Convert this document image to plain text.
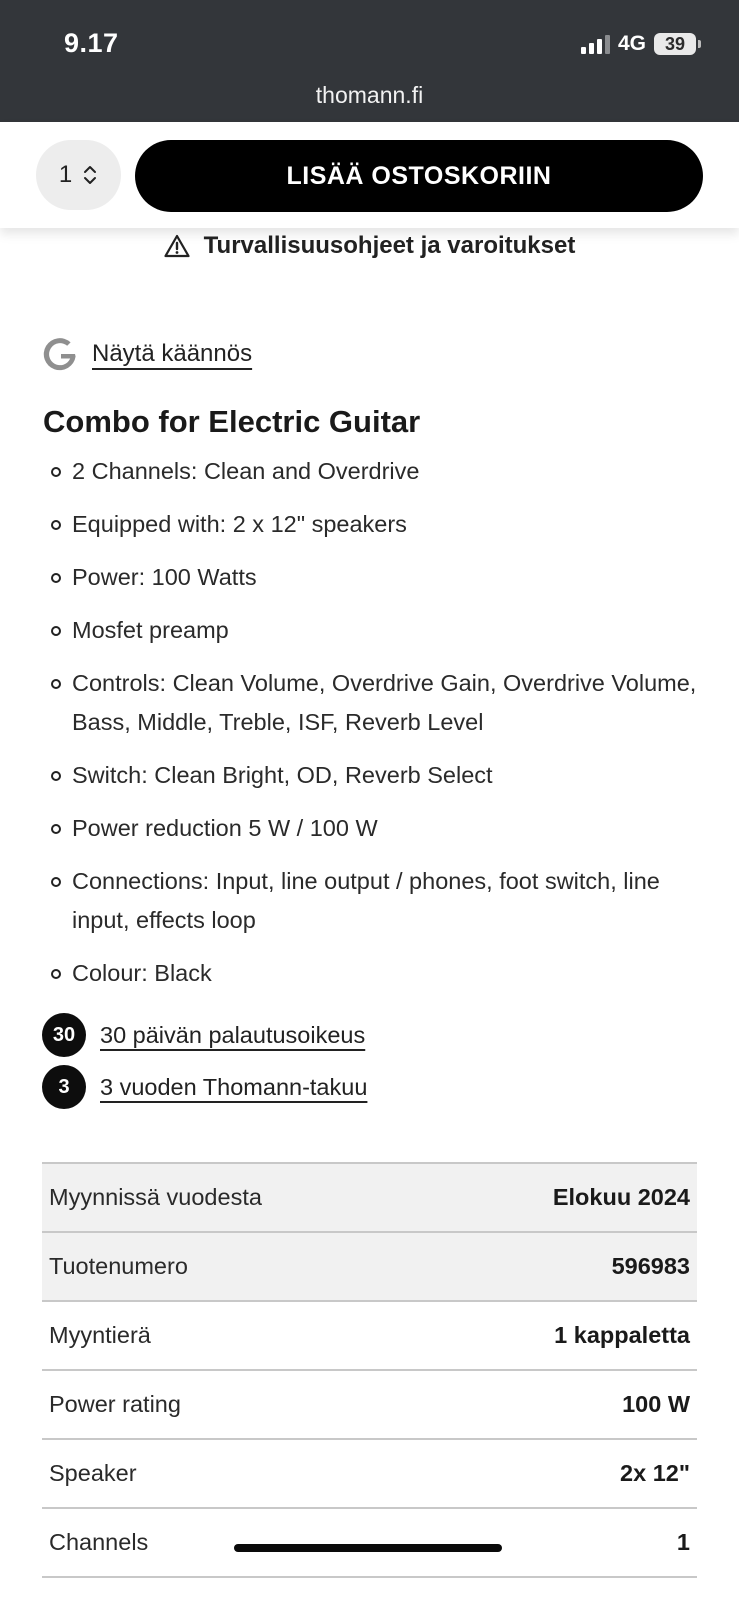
9.17	4G	39
thomann.fi
1	LISÄÄ OSTOSKORIIN
Turvallisuusohjeet ja varoitukset
Näytä käännös
Combo for Electric Guitar
2 Channels: Clean and Overdrive
Equipped with: 2 x 12" speakers
Power: 100 Watts
Mosfet preamp
Controls: Clean Volume, Overdrive Gain, Overdrive Volume, Bass, Middle, Treble, ISF, Reverb Level
Switch: Clean Bright, OD, Reverb Select
Power reduction 5 W / 100 W
Connections: Input, line output / phones, foot switch, line input, effects loop
Colour: Black
30	30 päivän palautusoikeus
3	3 vuoden Thomann-takuu
Myynnissä vuodesta	Elokuu 2024
Tuotenumero	596983
Myyntierä	1 kappaletta
Power rating	100 W
Speaker	2x 12"
Channels	1
